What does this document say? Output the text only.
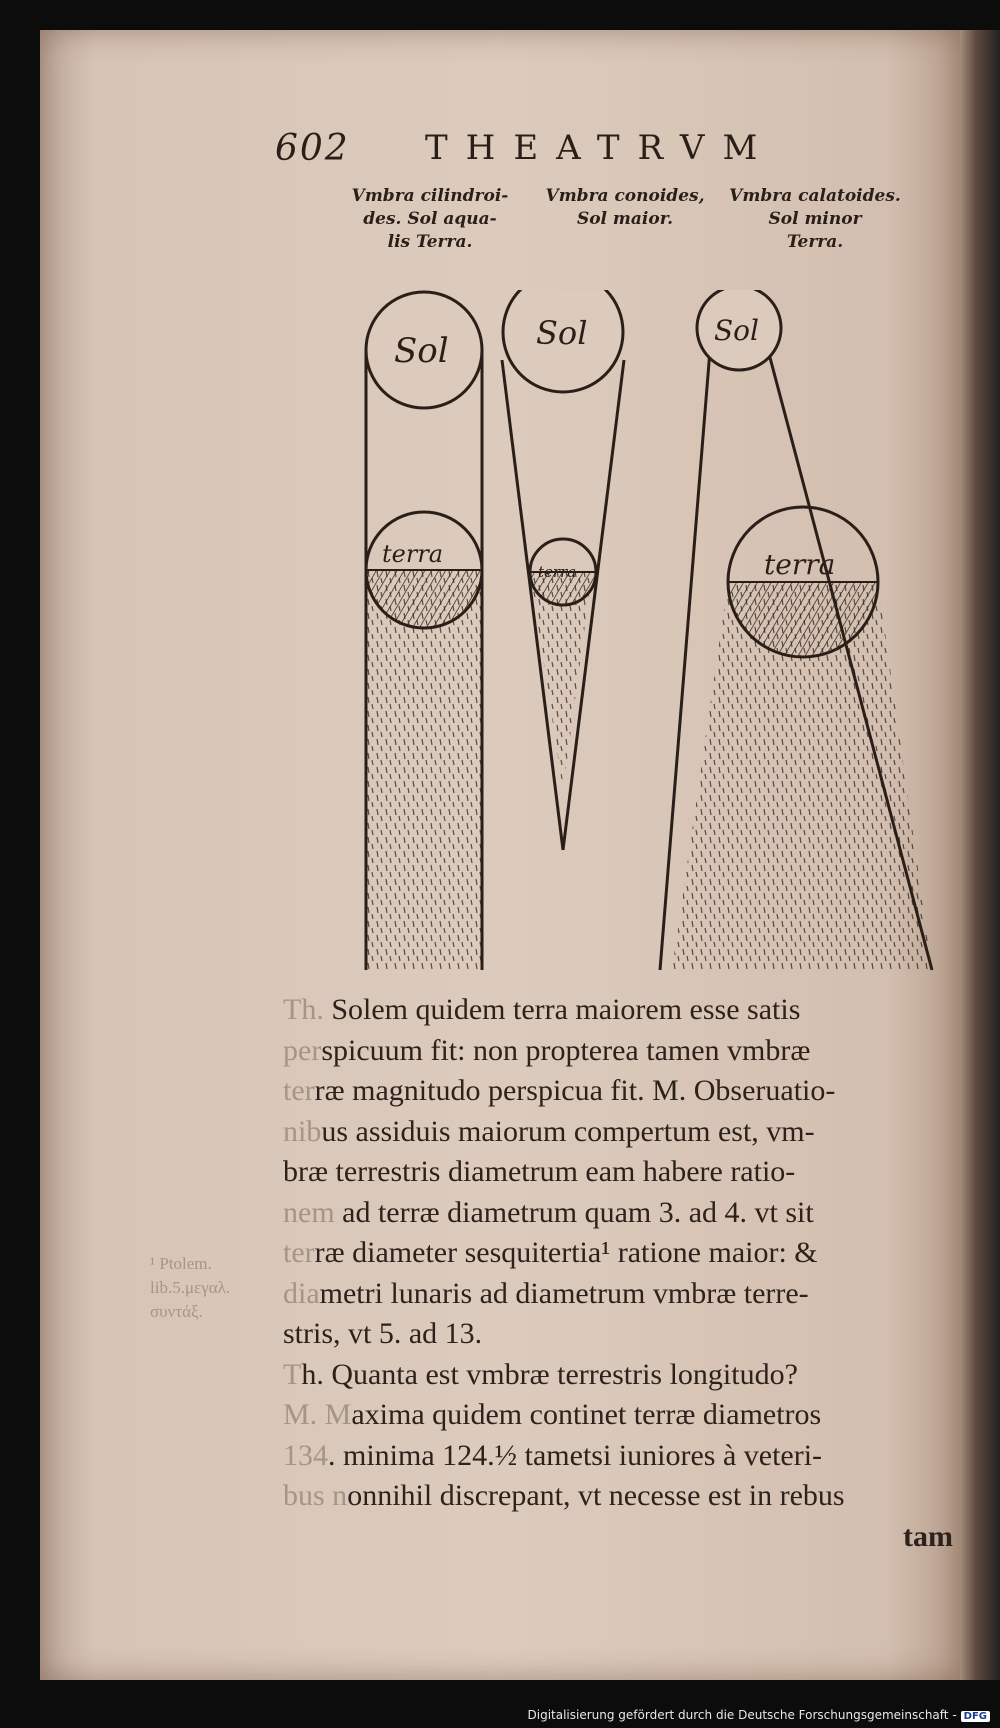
602 THEATRVM
Vmbra cilindroi-
des. Sol aqua-
lis Terra.
Vmbra conoides,
Sol maior.
Vmbra calatoides.
Sol minor
Terra.
Sol
terra
Sol
terra
Sol
terra
Th. Solem quidem terra maiorem esse satis
perspicuum fit: non propterea tamen vmbræ
terræ magnitudo perspicua fit. M. Obseruatio-
nibus assiduis maiorum compertum est, vm-
bræ terrestris diametrum eam habere ratio-
nem ad terræ diametrum quam 3. ad 4. vt sit
terræ diameter sesquitertia¹ ratione maior: &
diametri lunaris ad diametrum vmbræ terre-
stris, vt 5. ad 13.
Th. Quanta est vmbræ terrestris longitudo?
M. Maxima quidem continet terræ diametros
134. minima 124.½ tametsi iuniores à veteri-
bus nonnihil discrepant, vt necesse est in rebus
tam
¹ Ptolem.
lib.5.μεγαλ.
συντάξ.
Digitalisierung gefördert durch die Deutsche Forschungsgemeinschaft - DFG
